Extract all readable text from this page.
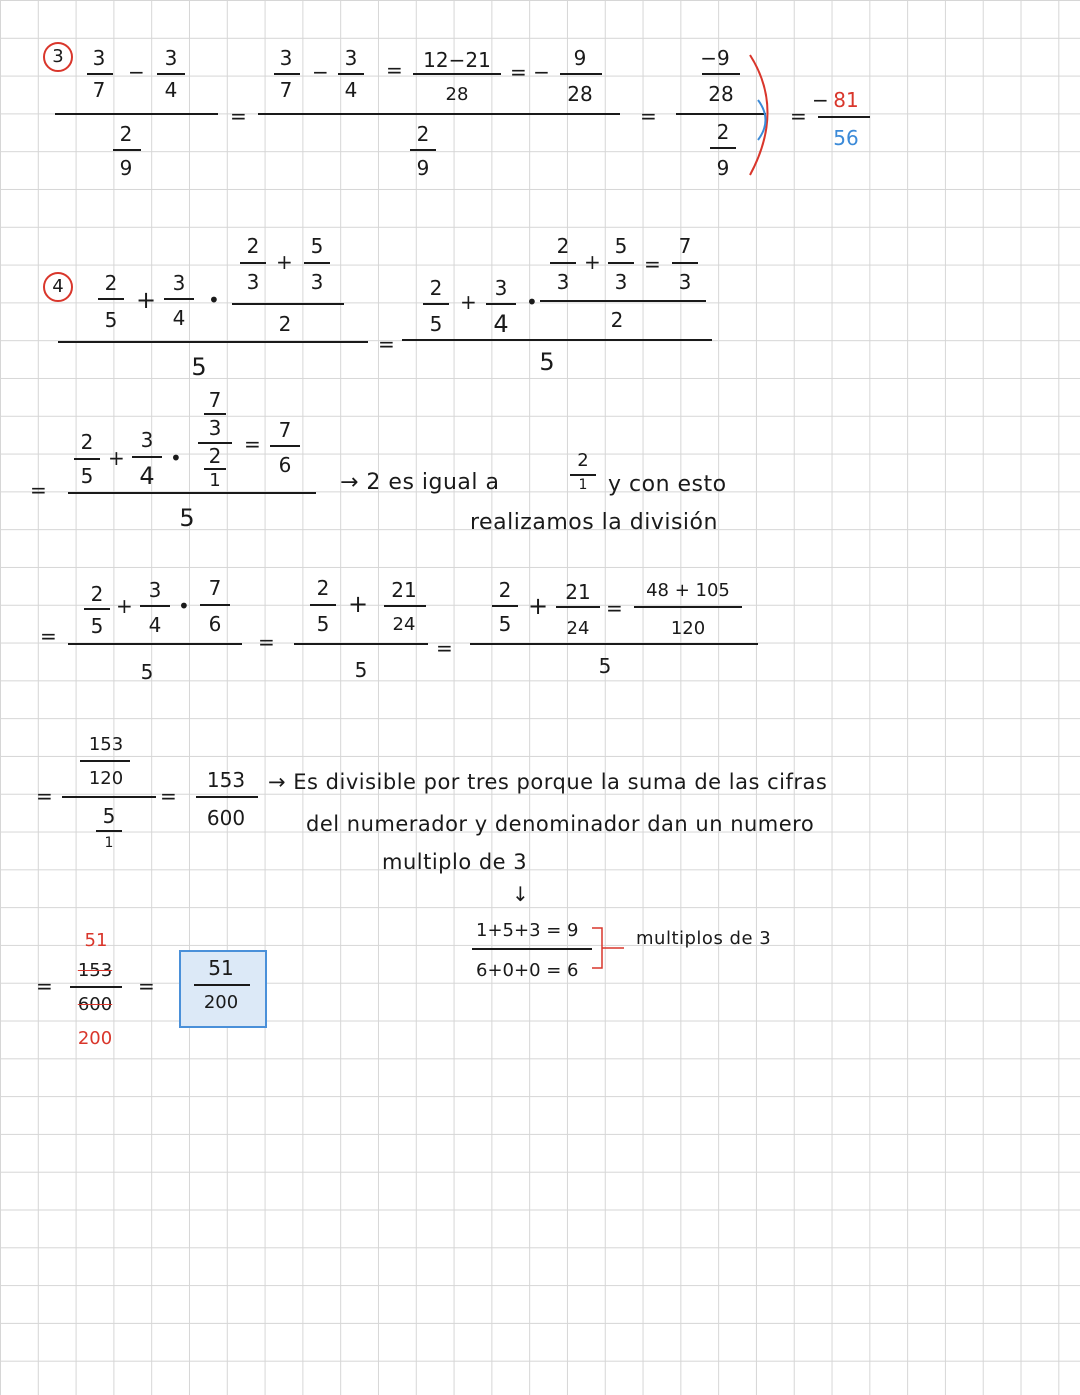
3	3
7
−
3
4
2
9
=
3
7
−
3
4
=	12−21
28
= −
9
28
2
9
=
−9
28
2
9
=
− 81
56
4	2
5
+
3
4
•
2
3
+
5
3
2
5
=
2
5
+
3
4
•
2
3
+
5
3
=
7
3
2
5
=
2
5
+
3
4
•
7
3
2
1
=
7
6
5
→ 2 es igual a
2
1 y con esto
realizamos la división
=
2
5
+
3
4
•
7
6
5
=
2
5
+	21
24
5
=
2
5
+ 21
24
=
48 + 105
120
5
=
153
120
5
1
=
153
600
→ Es divisible por tres porque la suma de las cifras
del numerador y denominador dan un numero
multiplo de 3
↓
1+5+3 = 9
6+0+0 = 6
multiplos de 3
=
51
153
600
200
=
51
200
